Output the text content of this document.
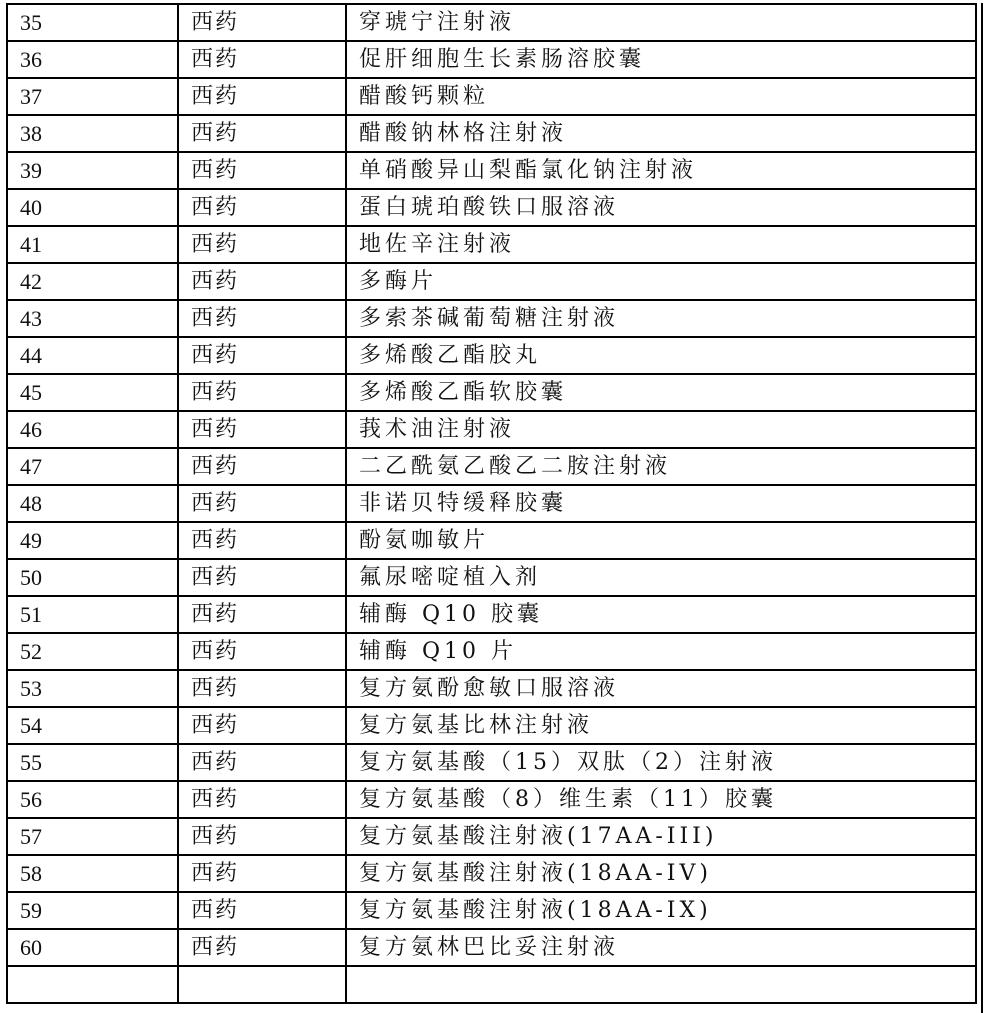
35	西药	穿琥宁注射液
36	西药	促肝细胞生长素肠溶胶囊
37	西药	醋酸钙颗粒
38	西药	醋酸钠林格注射液
39	西药	单硝酸异山梨酯氯化钠注射液
40	西药	蛋白琥珀酸铁口服溶液
41	西药	地佐辛注射液
42	西药	多酶片
43	西药	多索茶碱葡萄糖注射液
44	西药	多烯酸乙酯胶丸
45	西药	多烯酸乙酯软胶囊
46	西药	莪术油注射液
47	西药	二乙酰氨乙酸乙二胺注射液
48	西药	非诺贝特缓释胶囊
49	西药	酚氨咖敏片
50	西药	氟尿嘧啶植入剂
51	西药	辅酶 Q10 胶囊
52	西药	辅酶 Q10 片
53	西药	复方氨酚愈敏口服溶液
54	西药	复方氨基比林注射液
55	西药	复方氨基酸（15）双肽（2）注射液
56	西药	复方氨基酸（8）维生素（11）胶囊
57	西药	复方氨基酸注射液(17AA-III)
58	西药	复方氨基酸注射液(18AA-IV)
59	西药	复方氨基酸注射液(18AA-IX)
60	西药	复方氨林巴比妥注射液
